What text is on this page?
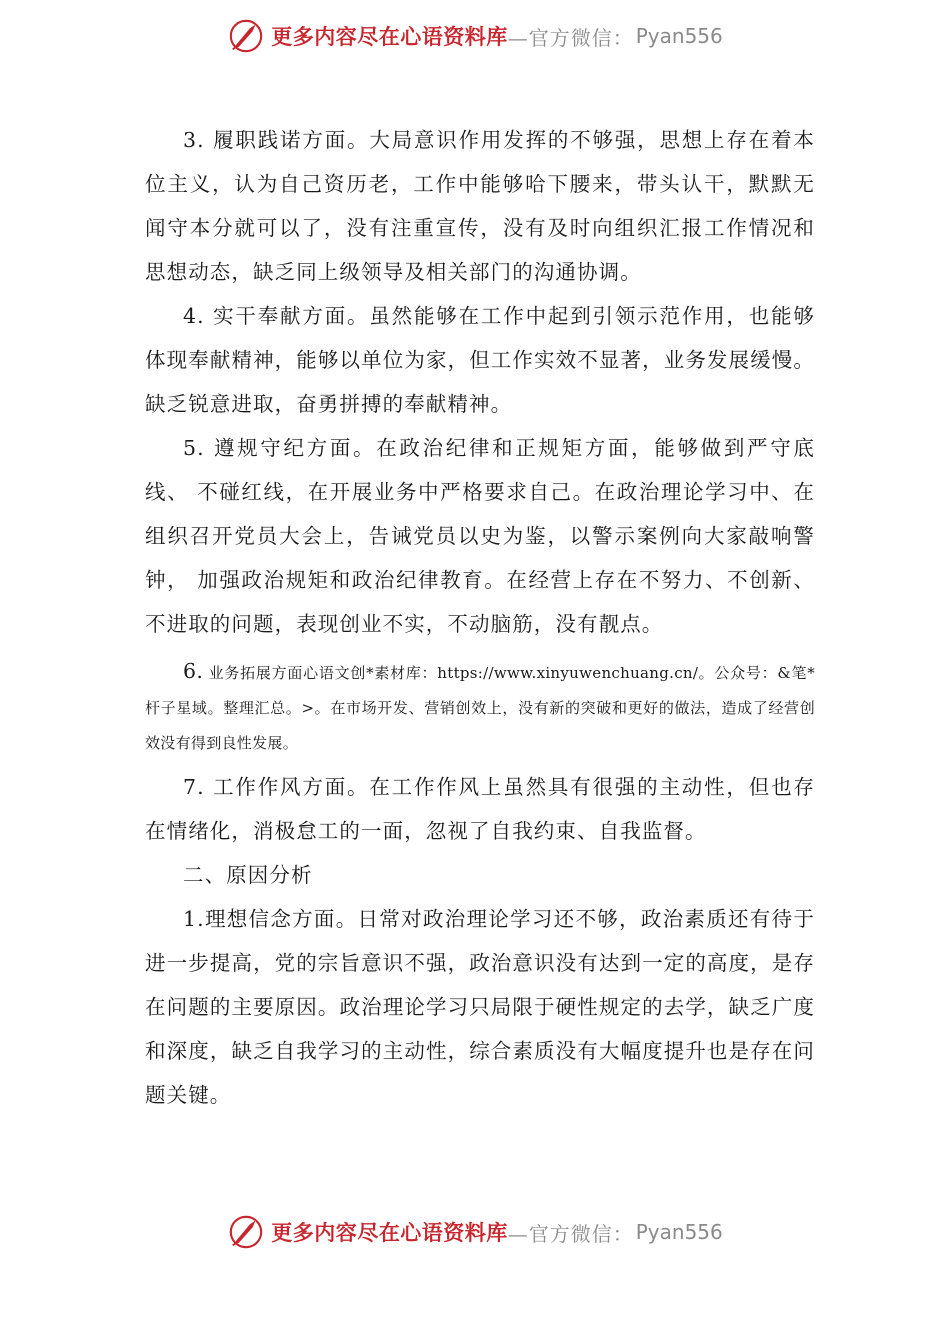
更多内容尽在心语资料库 —官方微信： Pyan556

3. 履职践诺方面。大局意识作用发挥的不够强，思想上存在着本位主义，认为自己资历老，工作中能够哈下腰来，带头认干，默默无 闻守本分就可以了，没有注重宣传，没有及时向组织汇报工作情况和 思想动态，缺乏同上级领导及相关部门的沟通协调。

4. 实干奉献方面。虽然能够在工作中起到引领示范作用，也能够体现奉献精神，能够以单位为家，但工作实效不显著，业务发展缓慢。 缺乏锐意进取，奋勇拼搏的奉献精神。

5. 遵规守纪方面。在政治纪律和正规矩方面，能够做到严守底线、 不碰红线，在开展业务中严格要求自己。在政治理论学习中、在组织召开党员大会上，告诫党员以史为鉴，以警示案例向大家敲响警钟， 加强政治规矩和政治纪律教育。在经营上存在不努力、不创新、不进取的问题，表现创业不实，不动脑筋，没有靓点。

6. 业务拓展方面心语文创*素材库：https://www.xinyuwenchuang.cn/。公众号：&笔*杆子星域。整理汇总。>。在市场开发、营销创效上，没有新的突破和更好的做法，造成了经营创效没有得到良性发展。

7. 工作作风方面。在工作作风上虽然具有很强的主动性，但也存在情绪化，消极怠工的一面，忽视了自我约束、自我监督。

二、原因分析

1.理想信念方面。日常对政治理论学习还不够，政治素质还有待于进一步提高，党的宗旨意识不强，政治意识没有达到一定的高度，是存在问题的主要原因。政治理论学习只局限于硬性规定的去学，缺乏广度和深度，缺乏自我学习的主动性，综合素质没有大幅度提升也是存在问题关键。

更多内容尽在心语资料库 —官方微信： Pyan556
